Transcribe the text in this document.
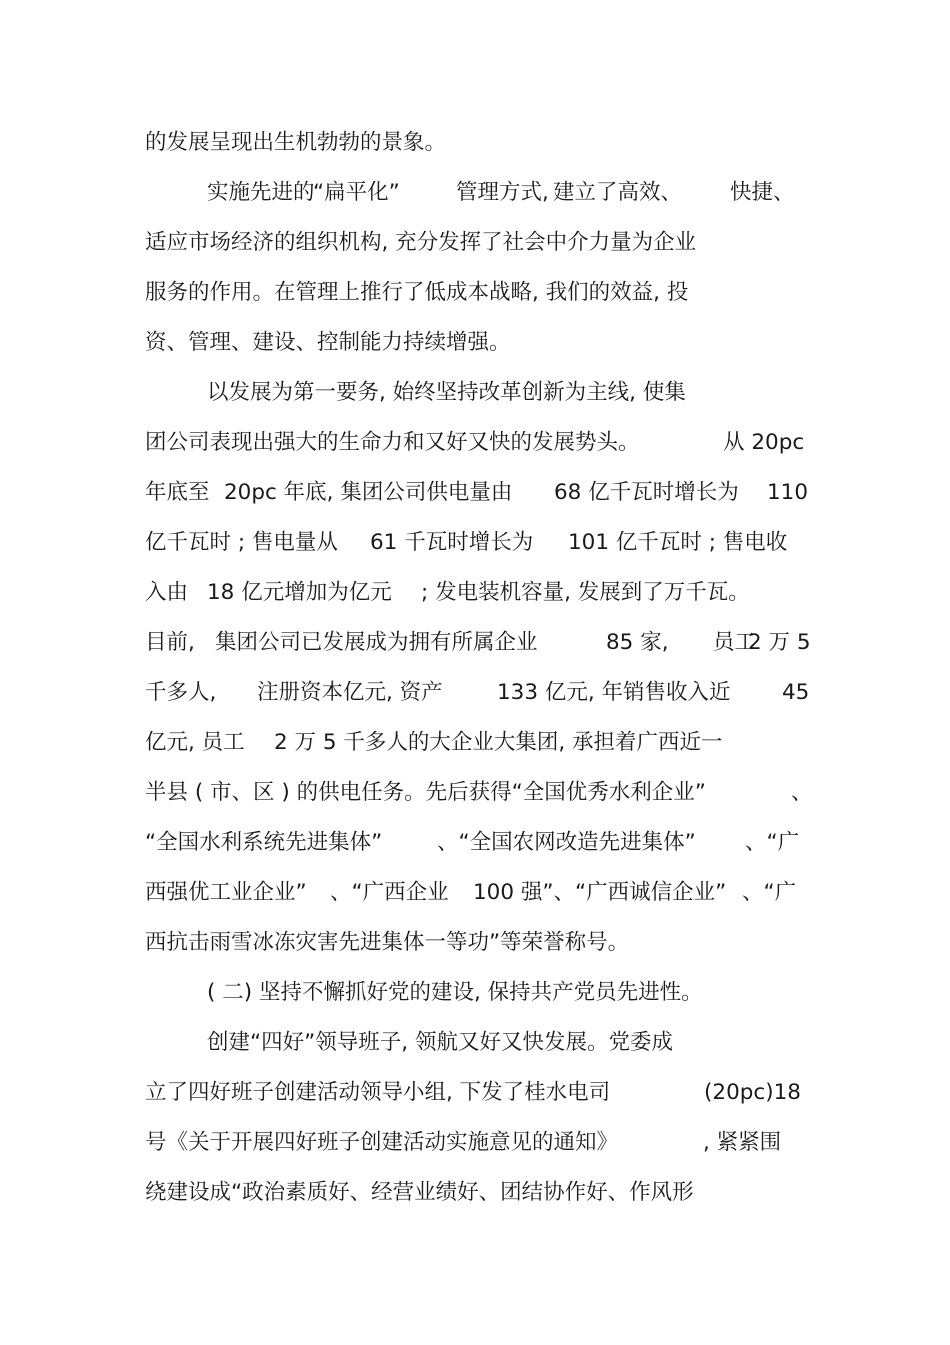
的发展呈现出生机勃勃的景象。
实施先进的
“扁平化”	管理方式, 建立了高效、 快捷、
适应市场经济的组织机构, 充分发挥了社会中介力量为企业
服务的作用。在管理上推行了低成本战略, 我们的效益, 投
资、管理、建设、控制能力持续增强。
以发展为第一要务, 始终坚持改革创新为主线, 使集
团公司表现出强大的生命力和又好又快的发展势头。	从 20pc
年底至 20pc 年底, 集团公司供电量由 68 亿千瓦时增长为 110
亿千瓦时 ; 售电量从 61 千瓦时增长为 101 亿千瓦时 ; 售电收
入由 18 亿元增加为亿元 ; 发电装机容量, 发展到了万千瓦。
目前, 集团公司已发展成为拥有所属企业	85 家, 员工
2 万 5
千多人, 注册资本亿元, 资产	133 亿元, 年销售收入近 45
亿元, 员工 2 万 5 千多人的大企业大集团, 承担着广西近一
半县 ( 市、区 ) 的供电任务。先后获得“全国优秀水利企业”	、
“全国水利系统先进集体”	、“全国农网改造先进集体” 、“广
西强优工业企业” 、“广西企业 100 强”、“广西诚信企业” 、“广
西抗击雨雪冰冻灾害先进集体一等功”等荣誉称号。
( 二) 坚持不懈抓好党的建设, 保持共产党员先进性。
创建“四好”领导班子, 领航又好又快发展。党委成
立了四好班子创建活动领导小组, 下发了桂水电司	(20pc)18
号《关于开展四好班子创建活动实施意见的通知》	, 紧紧围
绕建设成“政治素质好、经营业绩好、团结协作好、作风形
